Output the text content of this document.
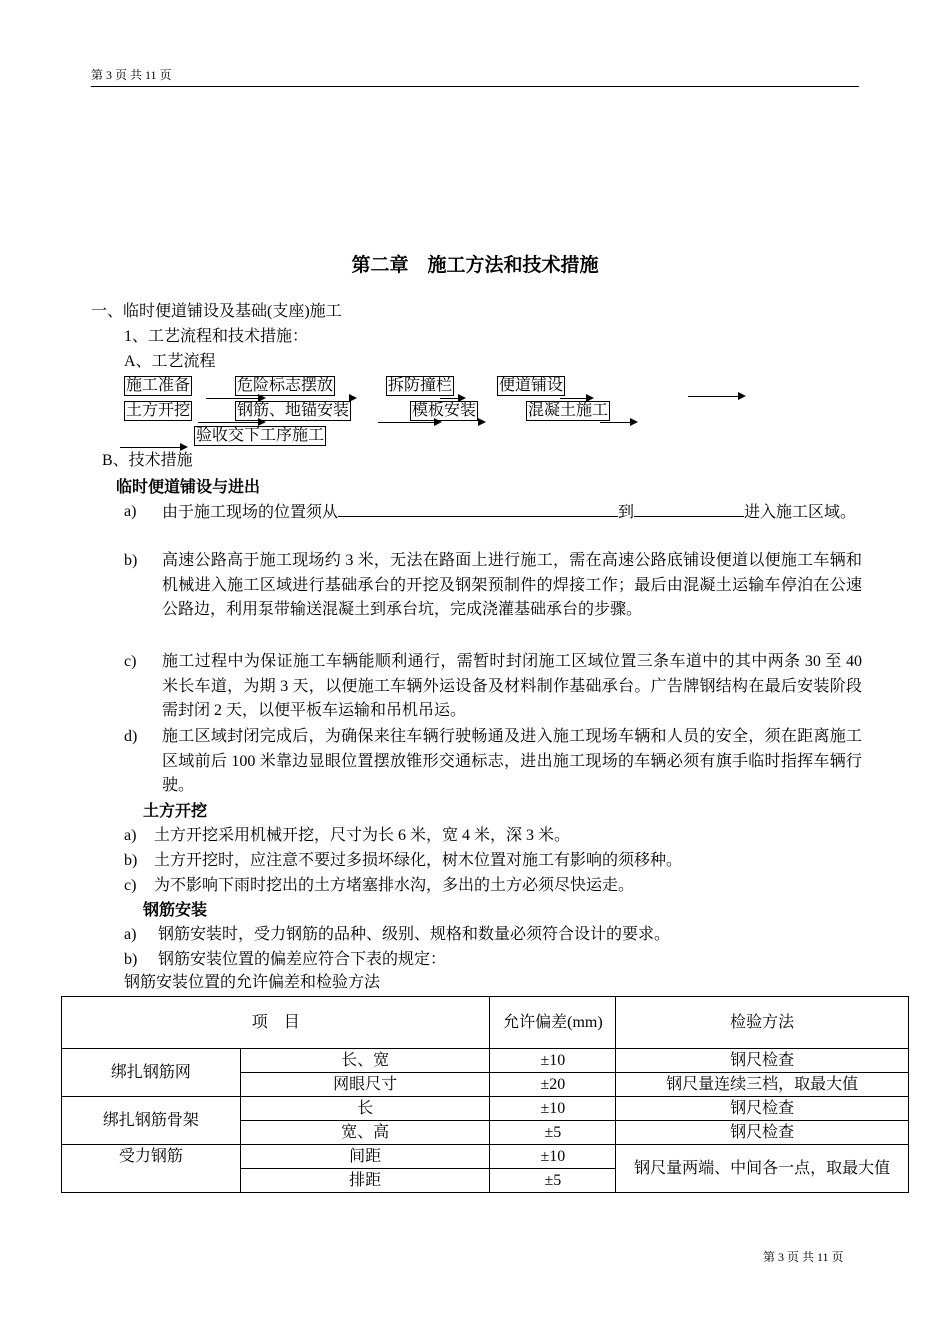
第 3 页 共 11 页
第二章　施工方法和技术措施
一、临时便道铺设及基础(支座)施工
1、工艺流程和技术措施：
A、工艺流程
施工准备	危险标志摆放	拆防撞栏	便道铺设
土方开挖	钢筋、地锚安装	模板安装	混凝土施工
验收交下工序施工
B、技术措施
临时便道铺设与进出
a) 由于施工现场的位置须从	到	进入施工区域。
b) 高速公路高于施工现场约 3 米，无法在路面上进行施工，需在高速公路底铺设便道以便施工车辆和机械进入施工区域进行基础承台的开挖及钢架预制件的焊接工作；最后由混凝土运输车停泊在公速公路边，利用泵带输送混凝土到承台坑，完成浇灌基础承台的步骤。
c) 施工过程中为保证施工车辆能顺利通行，需暂时封闭施工区域位置三条车道中的其中两条 30 至 40 米长车道，为期 3 天，以便施工车辆外运设备及材料制作基础承台。广告牌钢结构在最后安装阶段需封闭 2 天，以便平板车运输和吊机吊运。
d) 施工区域封闭完成后，为确保来往车辆行驶畅通及进入施工现场车辆和人员的安全，须在距离施工区域前后 100 米靠边显眼位置摆放锥形交通标志，进出施工现场的车辆必须有旗手临时指挥车辆行驶。
土方开挖
a) 土方开挖采用机械开挖，尺寸为长 6 米，宽 4 米，深 3 米。
b) 土方开挖时，应注意不要过多损坏绿化，树木位置对施工有影响的须移种。
c) 为不影响下雨时挖出的土方堵塞排水沟，多出的土方必须尽快运走。
钢筋安装
a) 钢筋安装时，受力钢筋的品种、级别、规格和数量必须符合设计的要求。
b) 钢筋安装位置的偏差应符合下表的规定：
钢筋安装位置的允许偏差和检验方法
项　目		允许偏差(mm)	检验方法
绑扎钢筋网	长、宽	±10	钢尺检查
	网眼尺寸	±20	钢尺量连续三档，取最大值
绑扎钢筋骨架	长	±10	钢尺检查
	宽、高	±5	钢尺检查
受力钢筋	间距	±10	钢尺量两端、中间各一点，取最大值
	排距	±5	
第 3 页 共 11 页
